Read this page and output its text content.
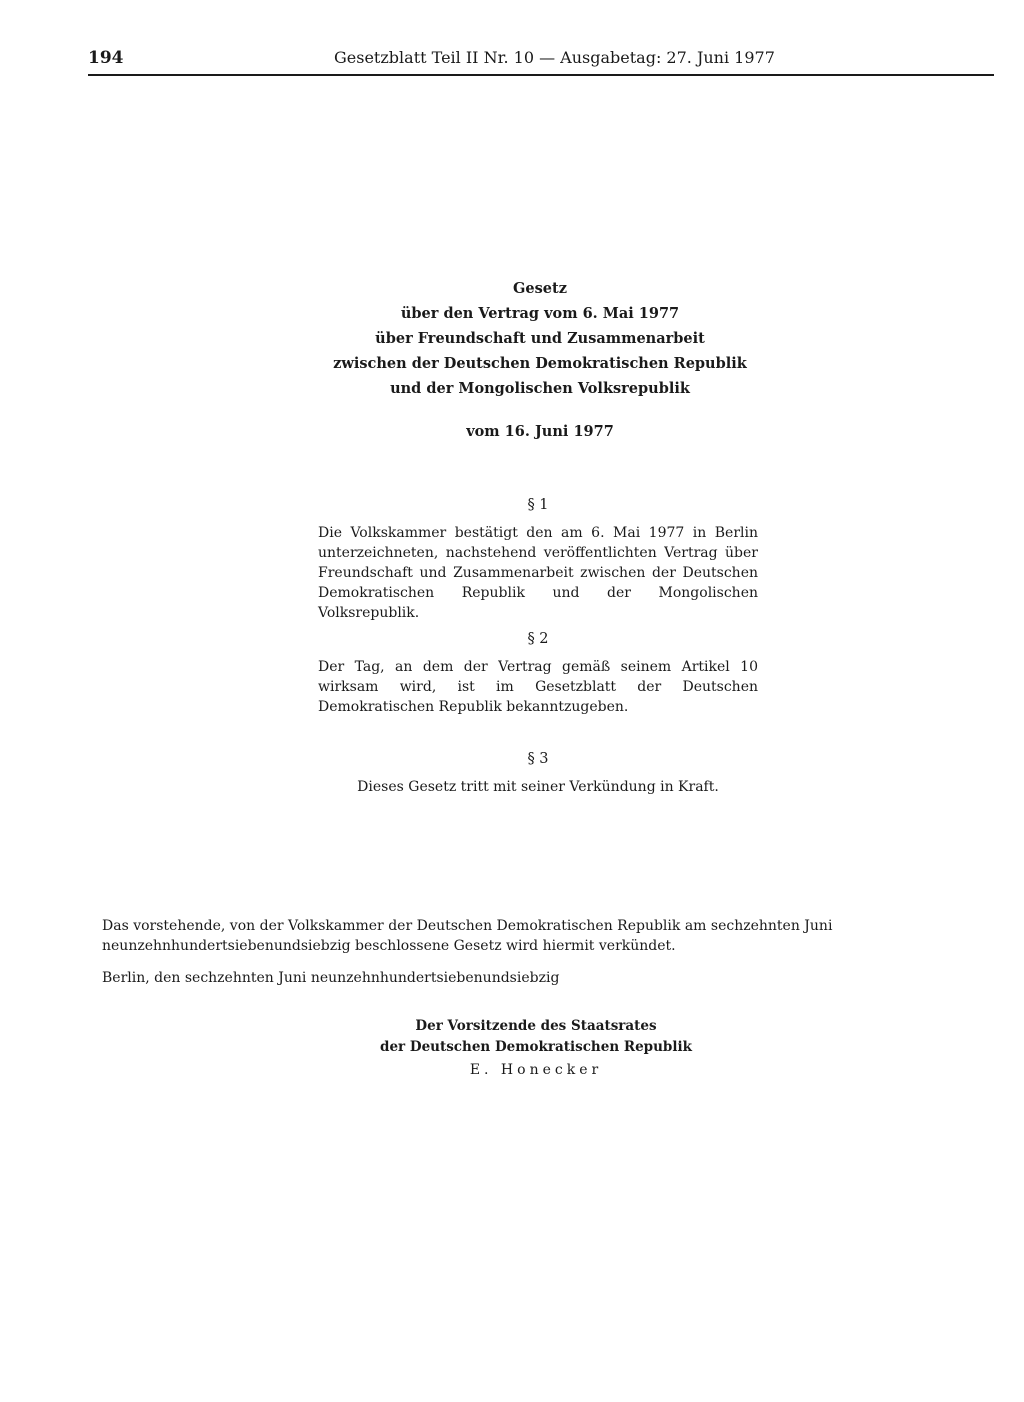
194	Gesetzblatt Teil II Nr. 10 — Ausgabetag: 27. Juni 1977
Gesetz
über den Vertrag vom 6. Mai 1977
über Freundschaft und Zusammenarbeit
zwischen der Deutschen Demokratischen Republik
und der Mongolischen Volksrepublik
vom 16. Juni 1977
§ 1
Die Volkskammer bestätigt den am 6. Mai 1977 in Berlin unterzeichneten, nachstehend veröffentlichten Vertrag über Freundschaft und Zusammenarbeit zwischen der Deutschen Demokratischen Republik und der Mongolischen Volksrepublik.
§ 2
Der Tag, an dem der Vertrag gemäß seinem Artikel 10 wirksam wird, ist im Gesetzblatt der Deutschen Demokratischen Republik bekanntzugeben.
§ 3
Dieses Gesetz tritt mit seiner Verkündung in Kraft.
Das vorstehende, von der Volkskammer der Deutschen Demokratischen Republik am sechzehnten Juni neunzehnhundertsiebenundsiebzig beschlossene Gesetz wird hiermit verkündet.
Berlin, den sechzehnten Juni neunzehnhundertsiebenundsiebzig
Der Vorsitzende des Staatsrates
der Deutschen Demokratischen Republik
E. Honecker
